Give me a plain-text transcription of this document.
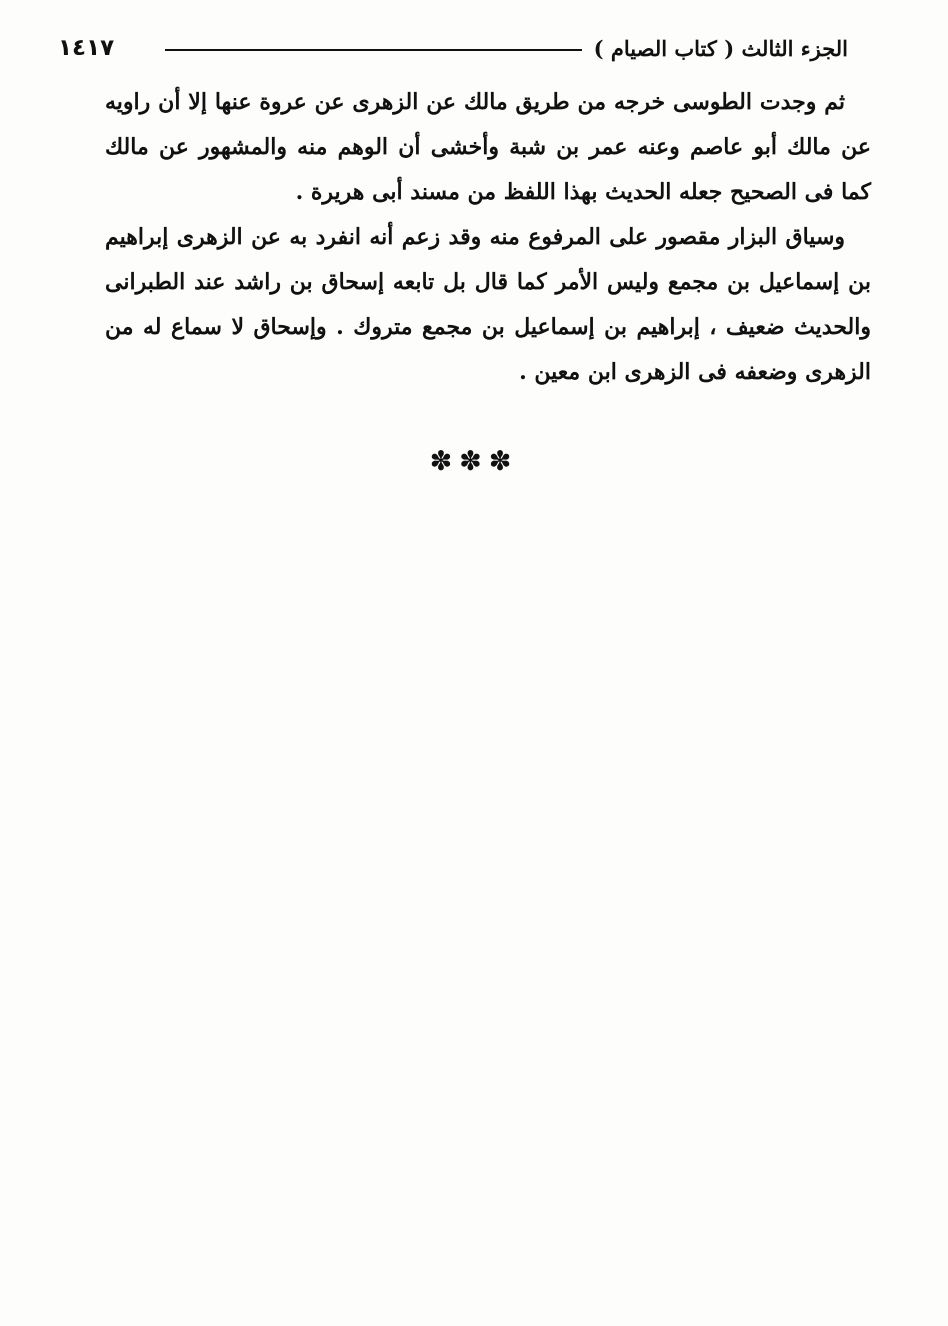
١٤١٧	الجزء الثالث ( كتاب الصيام )

ثم وجدت الطوسى خرجه من طريق مالك عن الزهرى عن عروة عنها إلا أن راويه عن مالك أبو عاصم وعنه عمر بن شبة وأخشى أن الوهم منه والمشهور عن مالك كما فى الصحيح جعله الحديث بهذا اللفظ من مسند أبى هريرة .

وسياق البزار مقصور على المرفوع منه وقد زعم أنه انفرد به عن الزهرى إبراهيم بن إسماعيل بن مجمع وليس الأمر كما قال بل تابعه إسحاق بن راشد عند الطبرانى والحديث ضعيف ، إبراهيم بن إسماعيل بن مجمع متروك . وإسحاق لا سماع له من الزهرى وضعفه فى الزهرى ابن معين .

✽✽✽
